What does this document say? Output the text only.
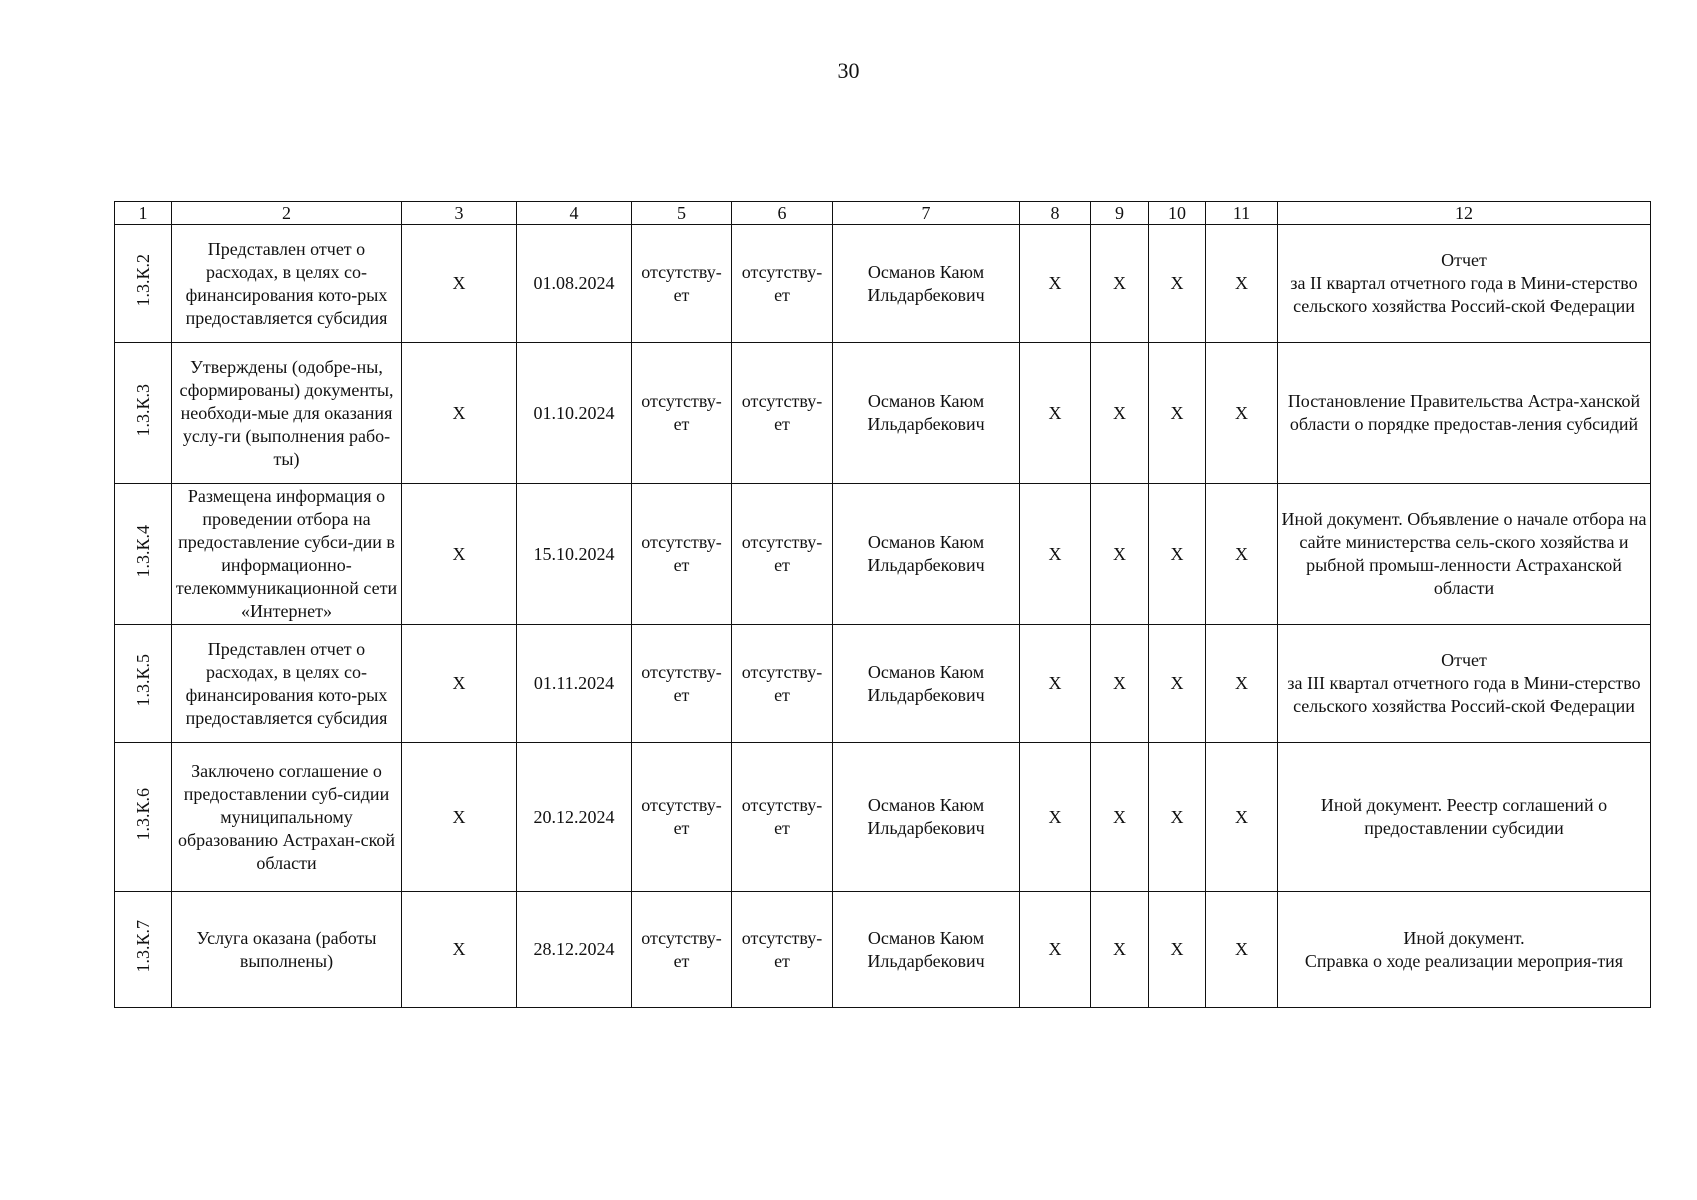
30
1	2	3	4	5	6	7	8	9	10	11	12
1.3.К.2	Представлен отчет о расходах, в целях со-финансирования кото-рых предоставляется субсидия	X	01.08.2024	отсутству-ет	отсутству-ет	Османов Каюм Ильдарбекович	X	X	X	X	Отчет
за II квартал отчетного года в Мини-стерство сельского хозяйства Россий-ской Федерации
1.3.К.3	Утверждены (одобре-ны, сформированы) документы, необходи-мые для оказания услу-ги (выполнения рабо-ты)	X	01.10.2024	отсутству-ет	отсутству-ет	Османов Каюм Ильдарбекович	X	X	X	X	Постановление Правительства Астра-ханской области о порядке предостав-ления субсидий
1.3.К.4	Размещена информация о проведении отбора на предоставление субси-дии в информационно-телекоммуникационной сети «Интернет»	X	15.10.2024	отсутству-ет	отсутству-ет	Османов Каюм Ильдарбекович	X	X	X	X	Иной документ. Объявление о начале отбора на сайте министерства сель-ского хозяйства и рыбной промыш-ленности Астраханской области
1.3.К.5	Представлен отчет о расходах, в целях со-финансирования кото-рых предоставляется субсидия	X	01.11.2024	отсутству-ет	отсутству-ет	Османов Каюм Ильдарбекович	X	X	X	X	Отчет
за III квартал отчетного года в Мини-стерство сельского хозяйства Россий-ской Федерации
1.3.К.6	Заключено соглашение о предоставлении суб-сидии муниципальному образованию Астрахан-ской области	X	20.12.2024	отсутству-ет	отсутству-ет	Османов Каюм Ильдарбекович	X	X	X	X	Иной документ. Реестр соглашений о предоставлении субсидии
1.3.К.7	Услуга оказана (работы выполнены)	X	28.12.2024	отсутству-ет	отсутству-ет	Османов Каюм Ильдарбекович	X	X	X	X	Иной документ.
Справка о ходе реализации мероприя-тия
